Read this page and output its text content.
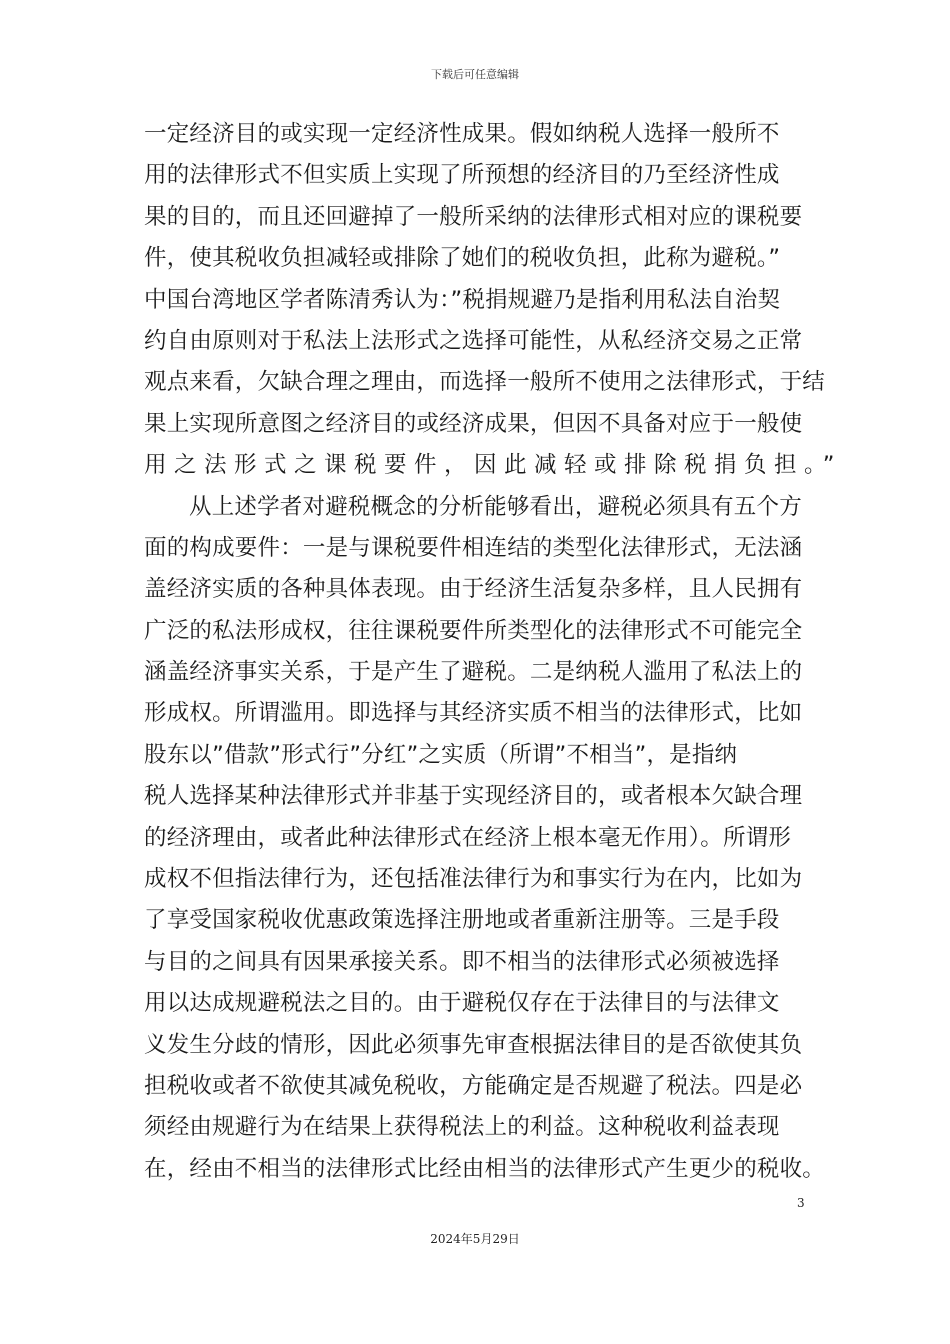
下载后可任意编辑
一定经济目的或实现一定经济性成果。假如纳税人选择一般所不
用的法律形式不但实质上实现了所预想的经济目的乃至经济性成
果的目的，而且还回避掉了一般所采纳的法律形式相对应的课税要
件，使其税收负担减轻或排除了她们的税收负担，此称为避税。”
中国台湾地区学者陈清秀认为：”税捐规避乃是指利用私法自治契
约自由原则对于私法上法形式之选择可能性，从私经济交易之正常
观点来看，欠缺合理之理由，而选择一般所不使用之法律形式，于结
果上实现所意图之经济目的或经济成果，但因不具备对应于一般使
用之法形式之课税要件，因此减轻或排除税捐负担。”
从上述学者对避税概念的分析能够看出，避税必须具有五个方
面的构成要件：一是与课税要件相连结的类型化法律形式，无法涵
盖经济实质的各种具体表现。由于经济生活复杂多样，且人民拥有
广泛的私法形成权，往往课税要件所类型化的法律形式不可能完全
涵盖经济事实关系，于是产生了避税。二是纳税人滥用了私法上的
形成权。所谓滥用。即选择与其经济实质不相当的法律形式，比如
股东以”借款”形式行”分红”之实质（所谓”不相当”，是指纳
税人选择某种法律形式并非基于实现经济目的，或者根本欠缺合理
的经济理由，或者此种法律形式在经济上根本毫无作用）。所谓形
成权不但指法律行为，还包括准法律行为和事实行为在内，比如为
了享受国家税收优惠政策选择注册地或者重新注册等。三是手段
与目的之间具有因果承接关系。即不相当的法律形式必须被选择
用以达成规避税法之目的。由于避税仅存在于法律目的与法律文
义发生分歧的情形，因此必须事先审查根据法律目的是否欲使其负
担税收或者不欲使其减免税收，方能确定是否规避了税法。四是必
须经由规避行为在结果上获得税法上的利益。这种税收利益表现
在，经由不相当的法律形式比经由相当的法律形式产生更少的税收。
3
2024年5月29日
